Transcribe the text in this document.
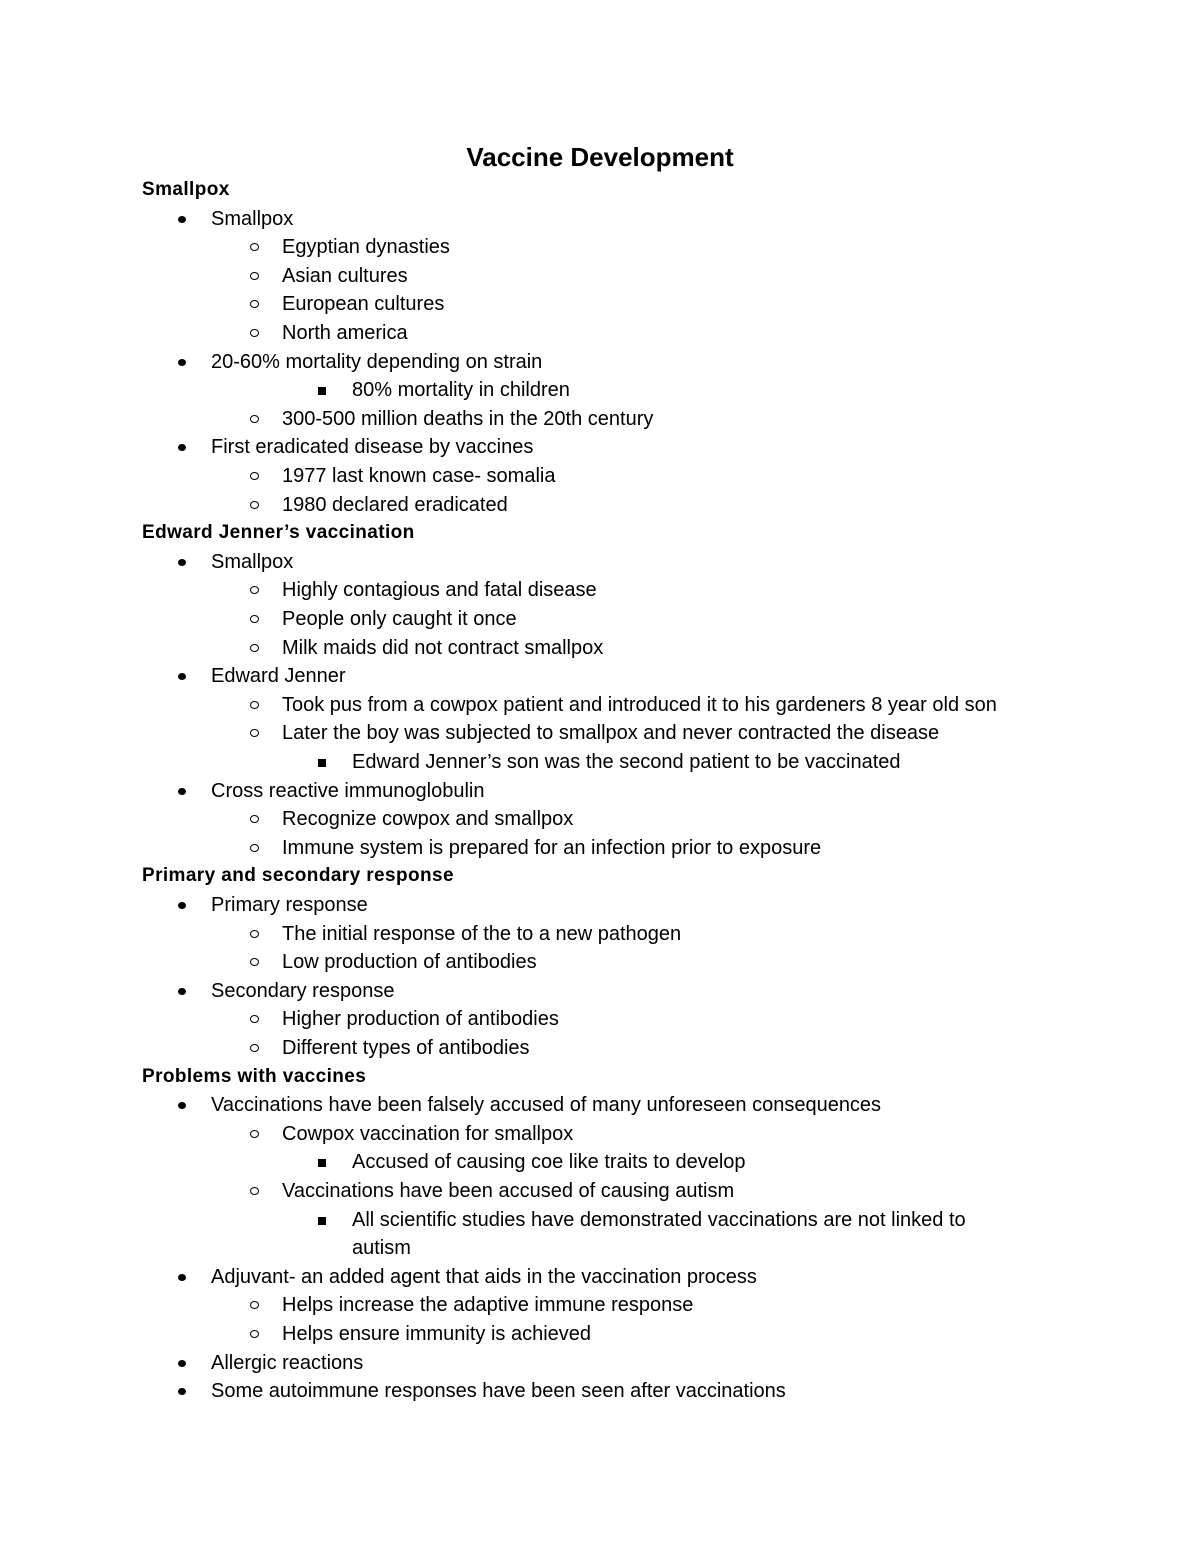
Vaccine Development
Smallpox
Smallpox
Egyptian dynasties
Asian cultures
European cultures
North america
20-60% mortality depending on strain
80% mortality in children
300-500 million deaths in the 20th century
First eradicated disease by vaccines
1977 last known case- somalia
1980 declared eradicated
Edward Jenner’s vaccination
Smallpox
Highly contagious and fatal disease
People only caught it once
Milk maids did not contract smallpox
Edward Jenner
Took pus from a cowpox patient and introduced it to his gardeners 8 year old son
Later the boy was subjected to smallpox and never contracted the disease
Edward Jenner’s son was the second patient to be vaccinated
Cross reactive immunoglobulin
Recognize cowpox and smallpox
Immune system is prepared for an infection prior to exposure
Primary and secondary response
Primary response
The initial response of the to a new pathogen
Low production of antibodies
Secondary response
Higher production of antibodies
Different types of antibodies
Problems with vaccines
Vaccinations have been falsely accused of many unforeseen consequences
Cowpox vaccination for smallpox
Accused of causing coe like traits to develop
Vaccinations have been accused of causing autism
All scientific studies have demonstrated vaccinations are not linked to
autism
Adjuvant- an added agent that aids in the vaccination process
Helps increase the adaptive immune response
Helps ensure immunity is achieved
Allergic reactions
Some autoimmune responses have been seen after vaccinations
